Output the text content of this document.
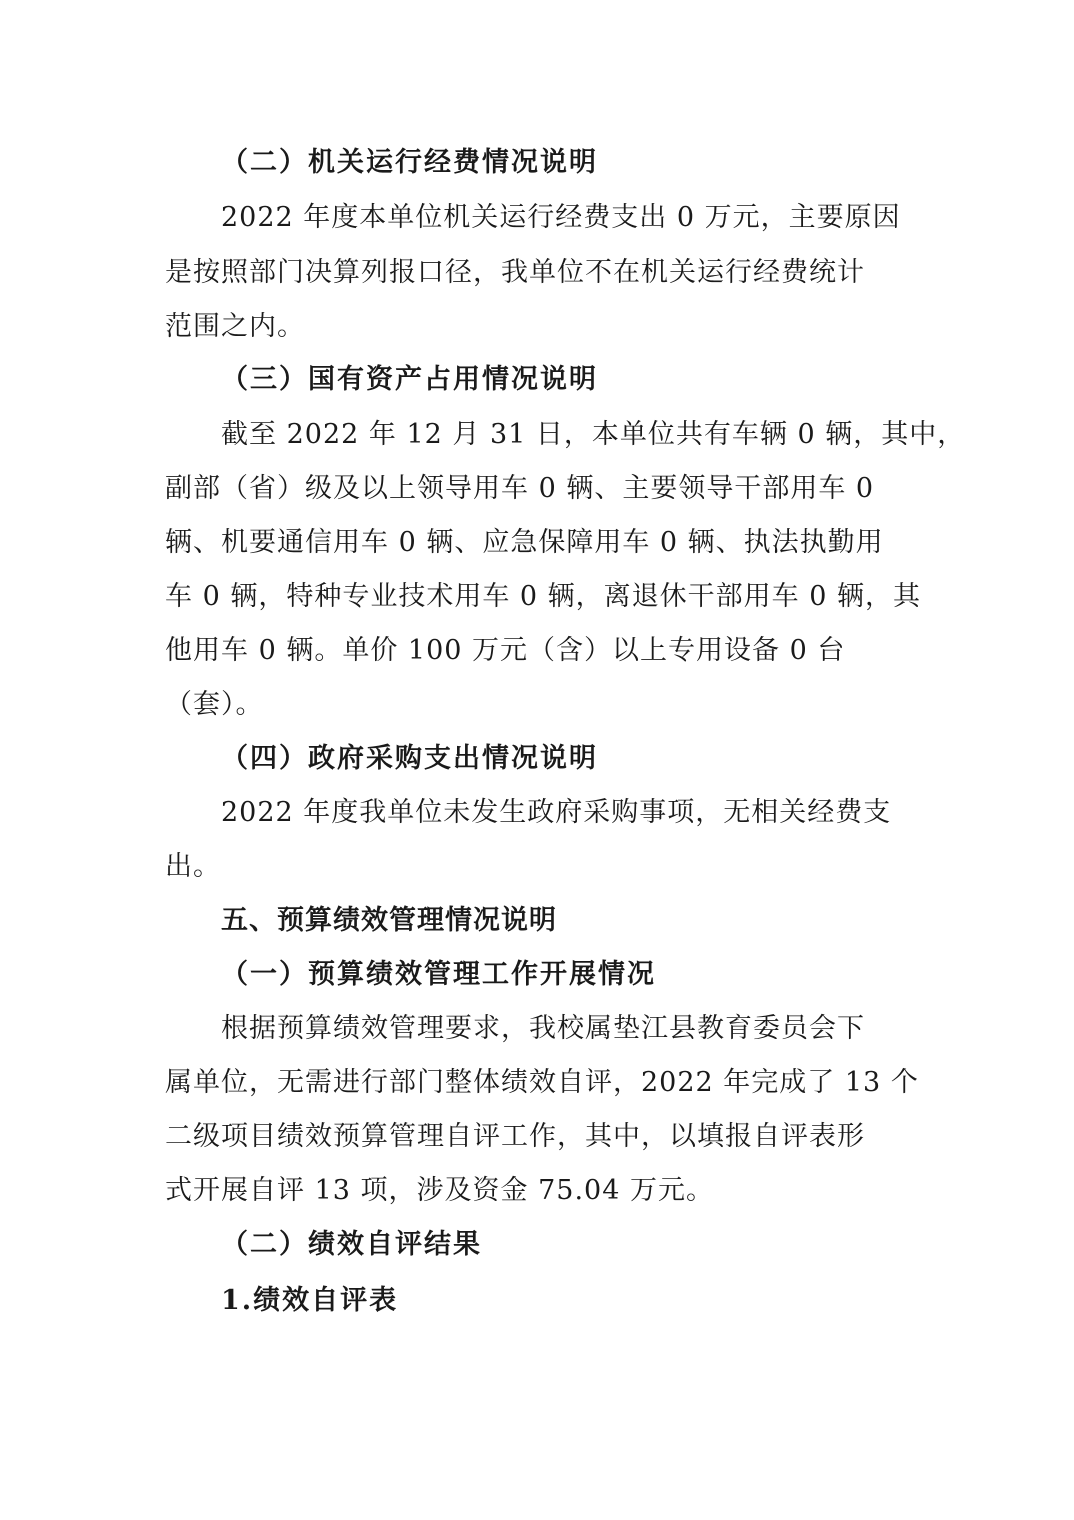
（二）机关运行经费情况说明

2022 年度本单位机关运行经费支出 0 万元，主要原因

是按照部门决算列报口径，我单位不在机关运行经费统计

范围之内。

（三）国有资产占用情况说明

截至 2022 年 12 月 31 日，本单位共有车辆 0 辆，其中，

副部（省）级及以上领导用车 0 辆、主要领导干部用车 0

辆、机要通信用车 0 辆、应急保障用车 0 辆、执法执勤用

车 0 辆，特种专业技术用车 0 辆，离退休干部用车 0 辆，其

他用车 0 辆。单价 100 万元（含）以上专用设备 0 台

（套）。

（四）政府采购支出情况说明

2022 年度我单位未发生政府采购事项，无相关经费支

出。

五、预算绩效管理情况说明

（一）预算绩效管理工作开展情况

根据预算绩效管理要求，我校属垫江县教育委员会下

属单位，无需进行部门整体绩效自评，2022 年完成了 13 个

二级项目绩效预算管理自评工作，其中，以填报自评表形

式开展自评 13 项，涉及资金 75.04 万元。

（二）绩效自评结果

1.绩效自评表
